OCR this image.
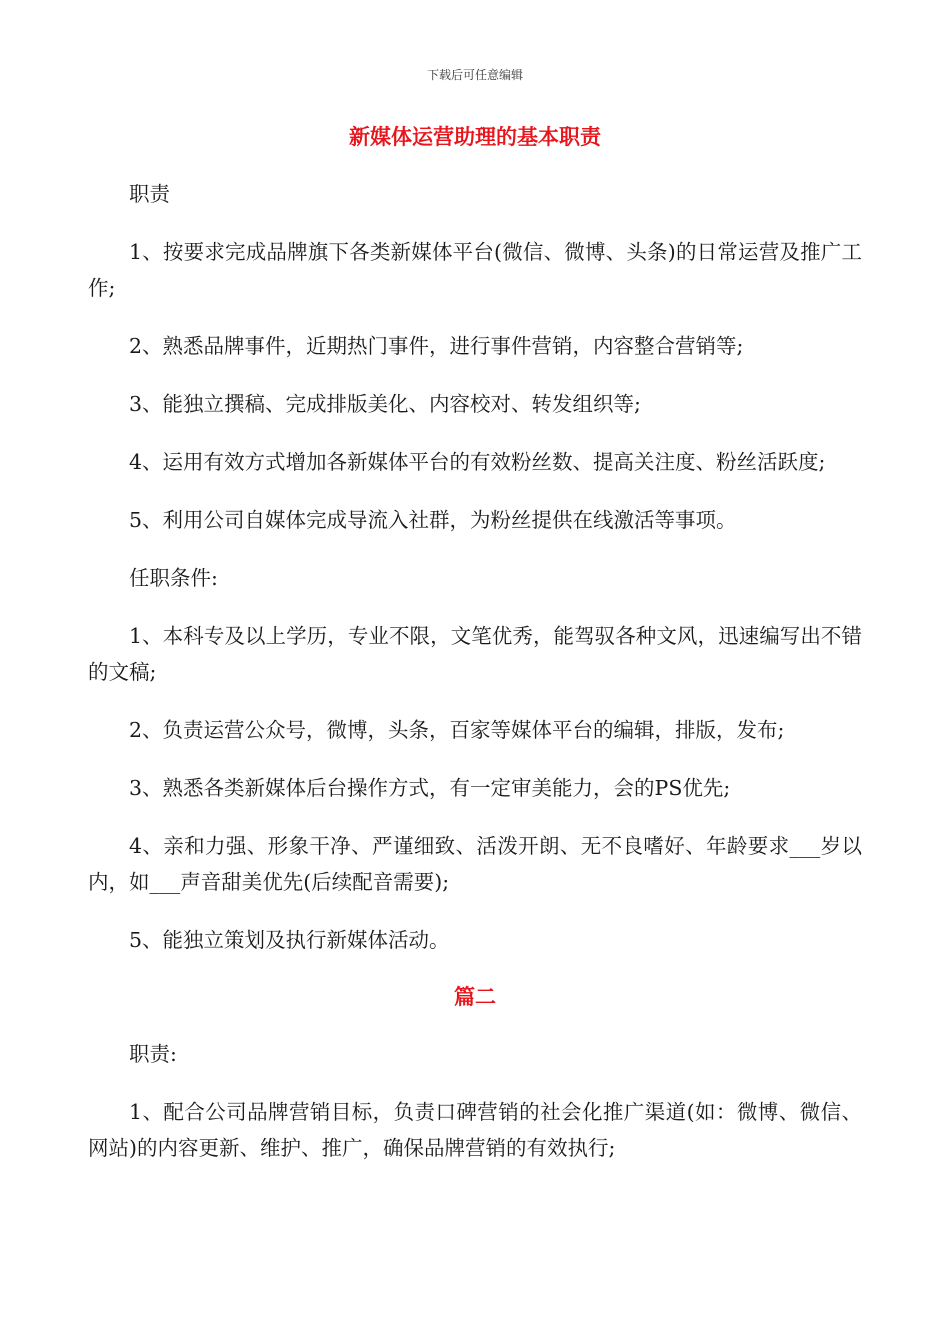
下载后可任意编辑
新媒体运营助理的基本职责

职责

1、按要求完成品牌旗下各类新媒体平台(微信、微博、头条)的日常运营及推广工作;

2、熟悉品牌事件，近期热门事件，进行事件营销，内容整合营销等;

3、能独立撰稿、完成排版美化、内容校对、转发组织等;

4、运用有效方式增加各新媒体平台的有效粉丝数、提高关注度、粉丝活跃度;

5、利用公司自媒体完成导流入社群，为粉丝提供在线激活等事项。

任职条件:

1、本科专及以上学历，专业不限，文笔优秀，能驾驭各种文风，迅速编写出不错的文稿;

2、负责运营公众号，微博，头条，百家等媒体平台的编辑，排版，发布;

3、熟悉各类新媒体后台操作方式，有一定审美能力，会的PS优先;

4、亲和力强、形象干净、严谨细致、活泼开朗、无不良嗜好、年龄要求___岁以内，如___声音甜美优先(后续配音需要);

5、能独立策划及执行新媒体活动。

篇二

职责:

1、配合公司品牌营销目标，负责口碑营销的社会化推广渠道(如：微博、微信、网站)的内容更新、维护、推广，确保品牌营销的有效执行;
